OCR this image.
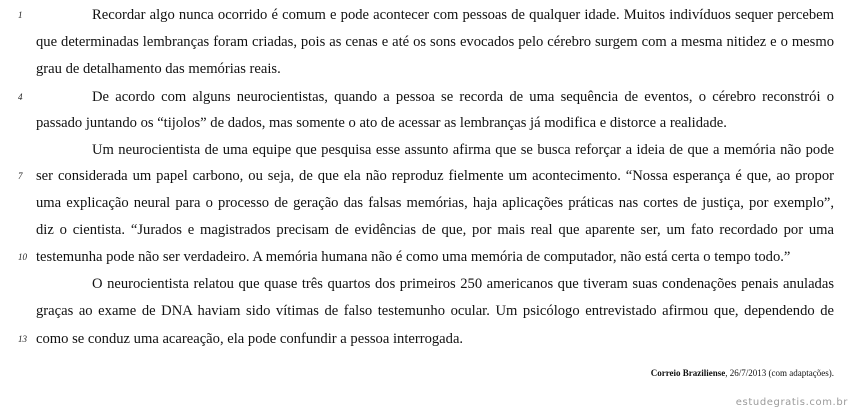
1
4
7
10
13
Recordar algo nunca ocorrido é comum e pode acontecer com pessoas de qualquer idade. Muitos indivíduos sequer percebem
que determinadas lembranças foram criadas, pois as cenas e até os sons evocados pelo cérebro surgem com a mesma nitidez e o mesmo
grau de detalhamento das memórias reais.
De acordo com alguns neurocientistas, quando a pessoa se recorda de uma sequência de eventos, o cérebro reconstrói o
passado juntando os “tijolos” de dados, mas somente o ato de acessar as lembranças já modifica e distorce a realidade.
Um neurocientista de uma equipe que pesquisa esse assunto afirma que se busca reforçar a ideia de que a memória não pode
ser considerada um papel carbono, ou seja, de que ela não reproduz fielmente um acontecimento. “Nossa esperança é que, ao propor
uma explicação neural para o processo de geração das falsas memórias, haja aplicações práticas nas cortes de justiça, por exemplo”,
diz o cientista. “Jurados e magistrados precisam de evidências de que, por mais real que aparente ser, um fato recordado por uma
testemunha pode não ser verdadeiro. A memória humana não é como uma memória de computador, não está certa o tempo todo.”
O neurocientista relatou que quase três quartos dos primeiros 250 americanos que tiveram suas condenações penais anuladas
graças ao exame de DNA haviam sido vítimas de falso testemunho ocular. Um psicólogo entrevistado afirmou que, dependendo de
como se conduz uma acareação, ela pode confundir a pessoa interrogada.
Correio Braziliense, 26/7/2013 (com adaptações).
estudegratis.com.br
